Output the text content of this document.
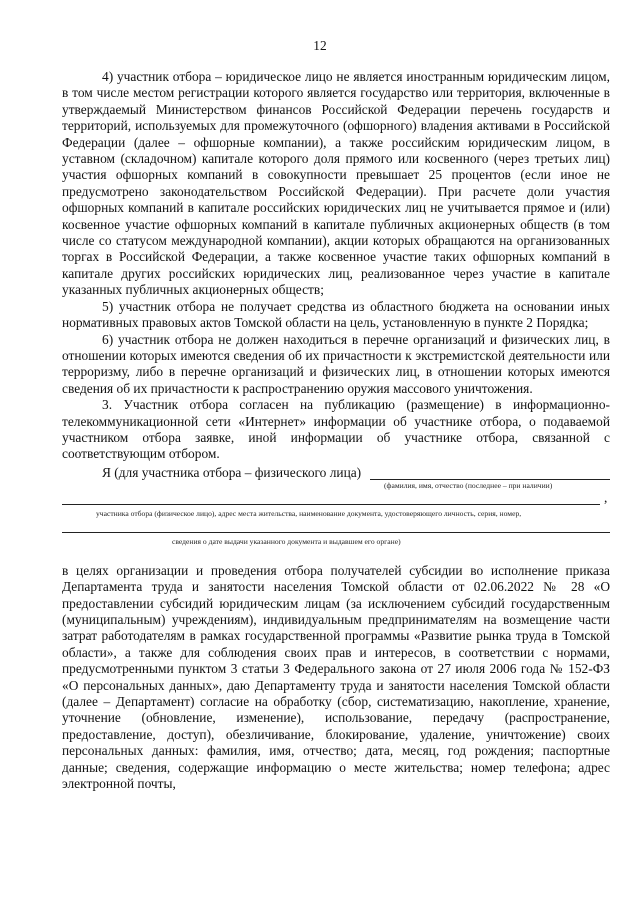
12

4) участник отбора – юридическое лицо не является иностранным юридическим лицом, в том числе местом регистрации которого является государство или территория, включенные в утверждаемый Министерством финансов Российской Федерации перечень государств и территорий, используемых для промежуточного (офшорного) владения активами в Российской Федерации (далее – офшорные компании), а также российским юридическим лицом, в уставном (складочном) капитале которого доля прямого или косвенного (через третьих лиц) участия офшорных компаний в совокупности превышает 25 процентов (если иное не предусмотрено законодательством Российской Федерации). При расчете доли участия офшорных компаний в капитале российских юридических лиц не учитывается прямое и (или) косвенное участие офшорных компаний в капитале публичных акционерных обществ (в том числе со статусом международной компании), акции которых обращаются на организованных торгах в Российской Федерации, а также косвенное участие таких офшорных компаний в капитале других российских юридических лиц, реализованное через участие в капитале указанных публичных акционерных обществ;

5) участник отбора не получает средства из областного бюджета на основании иных нормативных правовых актов Томской области на цель, установленную в пункте 2 Порядка;

6) участник отбора не должен находиться в перечне организаций и физических лиц, в отношении которых имеются сведения об их причастности к экстремистской деятельности или терроризму, либо в перечне организаций и физических лиц, в отношении которых имеются сведения об их причастности к распространению оружия массового уничтожения.

3. Участник отбора согласен на публикацию (размещение) в информационно-телекоммуникационной сети «Интернет» информации об участнике отбора, о подаваемой участником отбора заявке, иной информации об участнике отбора, связанной с соответствующим отбором.

Я (для участника отбора – физического лица)
(фамилия, имя, отчество (последнее – при наличии)
,
участника отбора (физическое лицо), адрес места жительства, наименование документа, удостоверяющего личность, серия, номер,
сведения о дате выдачи указанного документа и выдавшем его органе)

в целях организации и проведения отбора получателей субсидии во исполнение приказа Департамента труда и занятости населения Томской области от 02.06.2022 № 28 «О предоставлении субсидий юридическим лицам (за исключением субсидий государственным (муниципальным) учреждениям), индивидуальным предпринимателям на возмещение части затрат работодателям в рамках государственной программы «Развитие рынка труда в Томской области», а также для соблюдения своих прав и интересов, в соответствии с нормами, предусмотренными пунктом 3 статьи 3 Федерального закона от 27 июля 2006 года № 152-ФЗ «О персональных данных», даю Департаменту труда и занятости населения Томской области (далее – Департамент) согласие на обработку (сбор, систематизацию, накопление, хранение, уточнение (обновление, изменение), использование, передачу (распространение, предоставление, доступ), обезличивание, блокирование, удаление, уничтожение) своих персональных данных: фамилия, имя, отчество; дата, месяц, год рождения; паспортные данные; сведения, содержащие информацию о месте жительства; номер телефона; адрес электронной почты,
